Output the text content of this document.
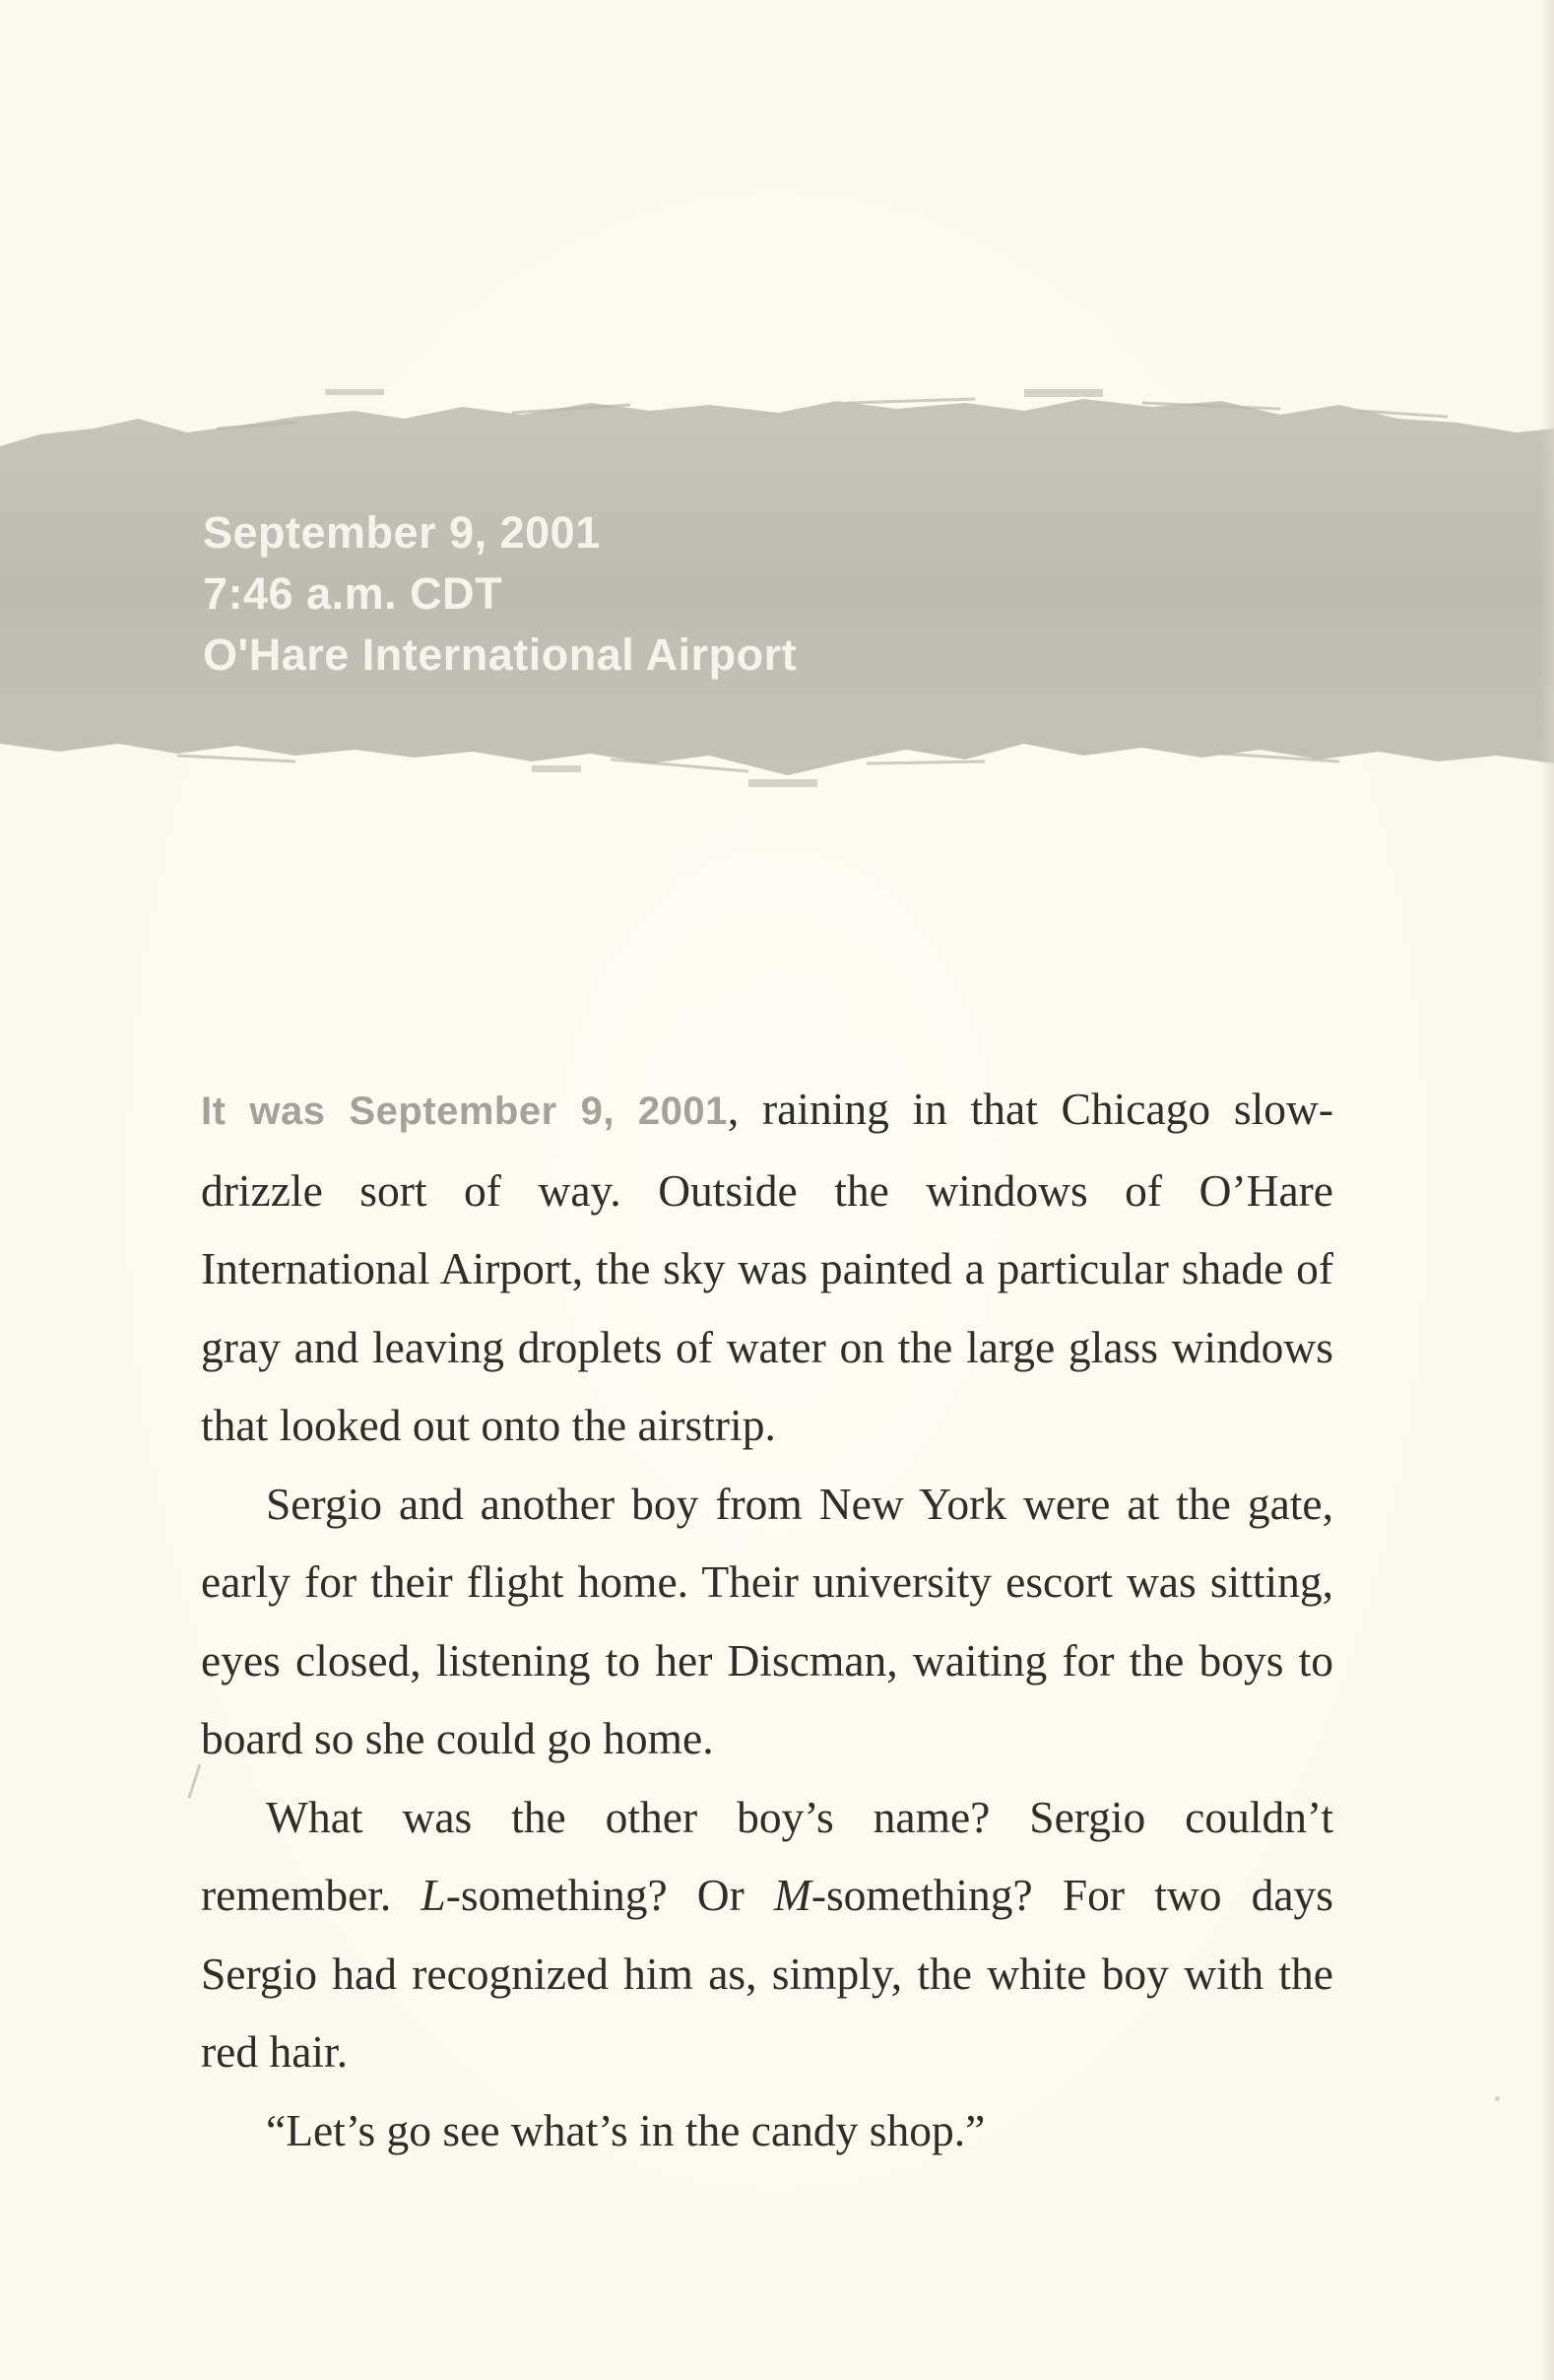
September 9, 2001
7:46 a.m. CDT
O'Hare International Airport

It was September 9, 2001, raining in that Chicago slow-drizzle sort of way. Outside the windows of O’Hare International Airport, the sky was painted a particular shade of gray and leaving droplets of water on the large glass windows that looked out onto the airstrip.

Sergio and another boy from New York were at the gate, early for their flight home. Their university escort was sitting, eyes closed, listening to her Discman, waiting for the boys to board so she could go home.

What was the other boy’s name? Sergio couldn’t remember. L-something? Or M-something? For two days Sergio had recognized him as, simply, the white boy with the red hair.

“Let’s go see what’s in the candy shop.”
